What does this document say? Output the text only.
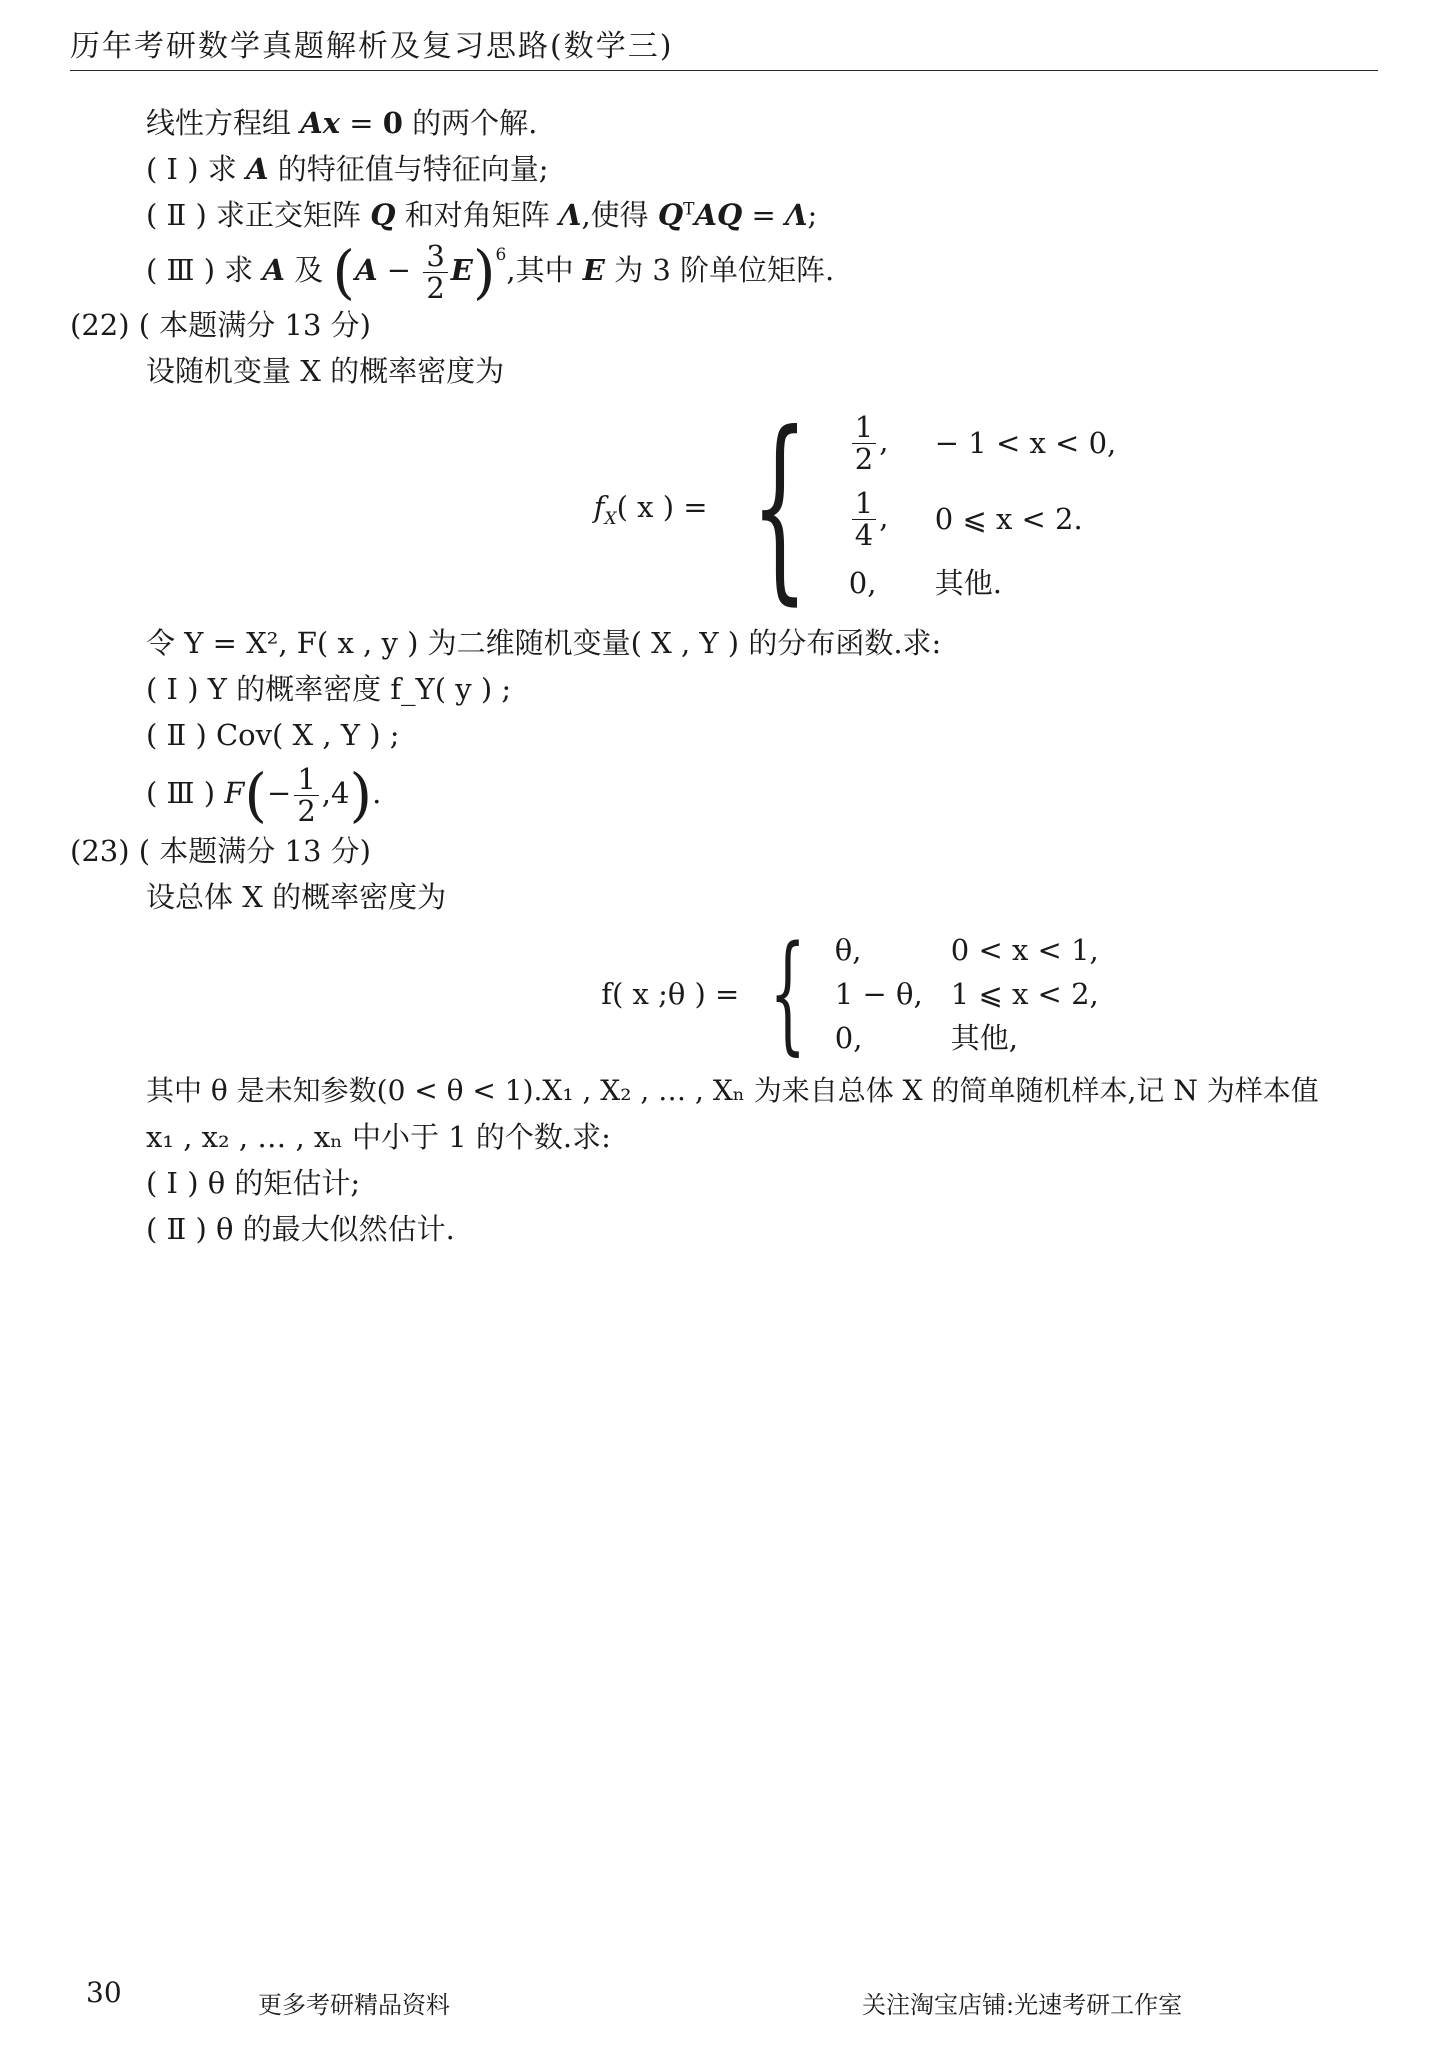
历年考研数学真题解析及复习思路(数学三)
线性方程组 Ax = 0 的两个解.
( Ⅰ ) 求 A 的特征值与特征向量;
( Ⅱ ) 求正交矩阵 Q 和对角矩阵 Λ,使得 $Q^TAQ = \Lambda$;
( Ⅲ ) 求 A 及 $(A - \frac{3}{2} E)^6$,其中 E 为 3 阶单位矩阵.
(22) ( 本题满分 13 分)
设随机变量 X 的概率密度为
$f_X$( x ) = { $\frac{1}{2}$ ,	− 1 < x < 0,
$\frac{1}{4}$ ,	0 ⩽ x < 2.
0,	其他.
令 Y = X², F( x , y ) 为二维随机变量( X , Y ) 的分布函数.求:
( Ⅰ ) Y 的概率密度 f_Y( y ) ;
( Ⅱ ) Cov( X , Y ) ;
( Ⅲ ) $F(- \frac{1}{2} ,4)$.
(23) ( 本题满分 13 分)
设总体 X 的概率密度为
f( x ;θ ) = { θ,	0 < x < 1,
1 − θ, 1 ⩽ x < 2,
0,	其他,
其中 θ 是未知参数(0 < θ < 1).X₁ , X₂ , … , Xₙ 为来自总体 X 的简单随机样本,记 N 为样本值
x₁ , x₂ , … , xₙ 中小于 1 的个数.求:
( Ⅰ ) θ 的矩估计;
( Ⅱ ) θ 的最大似然估计.
30	更多考研精品资料	关注淘宝店铺:光速考研工作室
